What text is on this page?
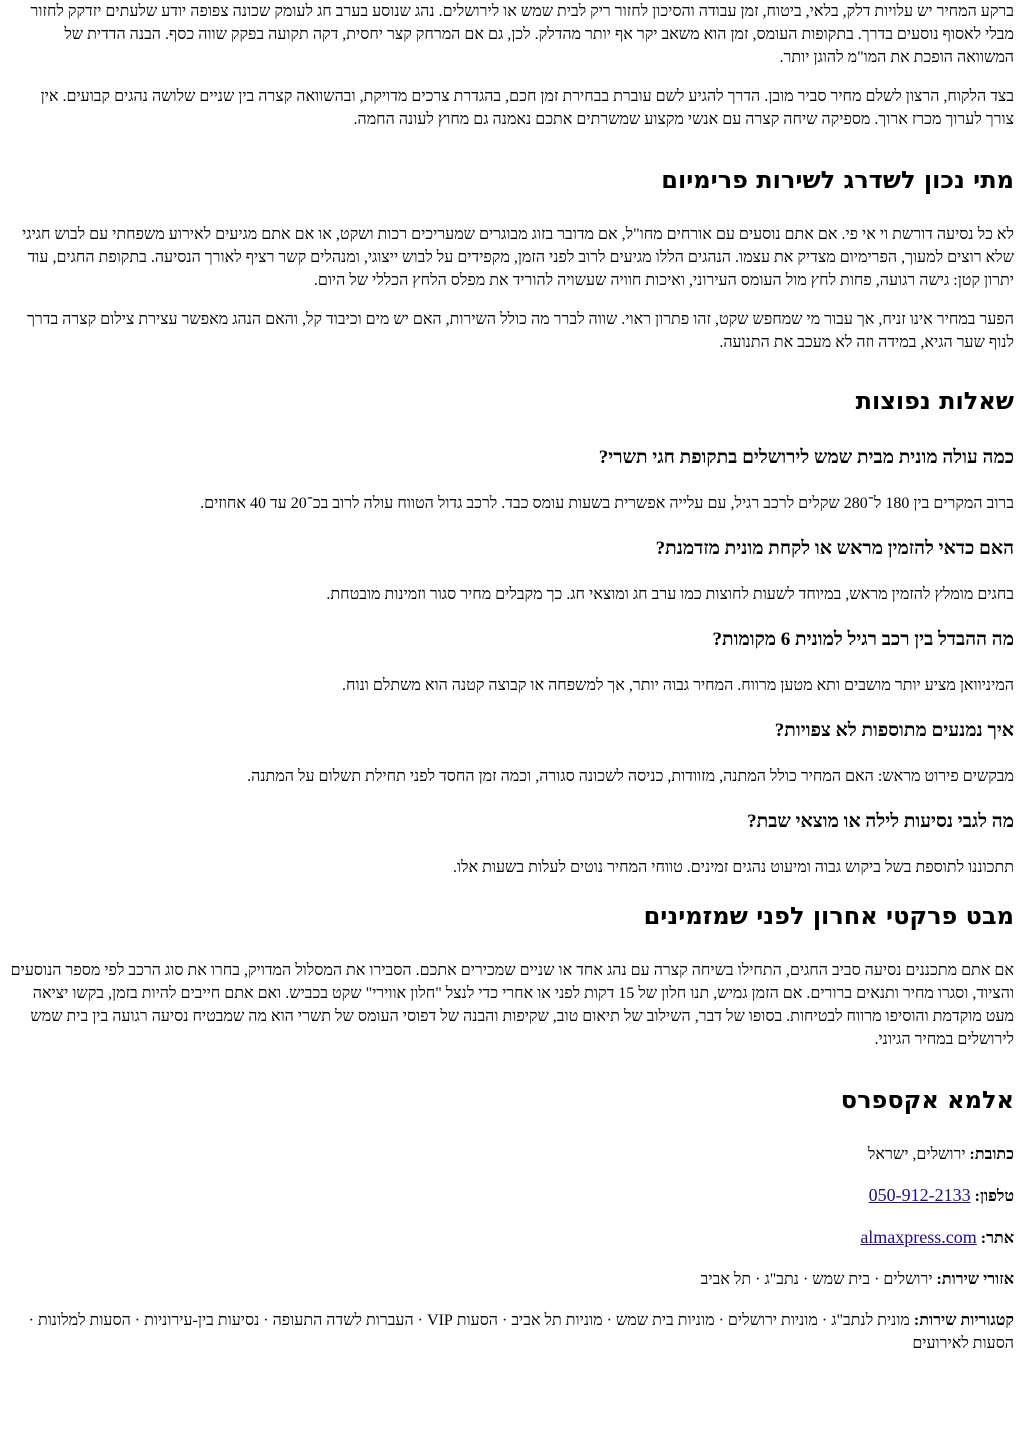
ברקע המחיר יש עלויות דלק, בלאי, ביטוח, זמן עבודה והסיכון לחזור ריק לבית שמש או לירושלים. נהג שנוסע בערב חג לעומק שכונה צפופה יודע שלעתים יזדקק לחזור מבלי לאסוף נוסעים בדרך. בתקופות העומס, זמן הוא משאב יקר אף יותר מהדלק. לכן, גם אם המרחק קצר יחסית, דקה תקועה בפקק שווה כסף. הבנה הדדית של המשוואה הופכת את המו"מ להוגן יותר.

בצד הלקוח, הרצון לשלם מחיר סביר מובן. הדרך להגיע לשם עוברת בבחירת זמן חכם, בהגדרת צרכים מדויקת, ובהשוואה קצרה בין שניים שלושה נהגים קבועים. אין צורך לערוך מכרז ארוך. מספיקה שיחה קצרה עם אנשי מקצוע שמשרתים אתכם נאמנה גם מחוץ לעונה החמה.

מתי נכון לשדרג לשירות פרימיום

לא כל נסיעה דורשת וי אי פי. אם אתם נוסעים עם אורחים מחו"ל, אם מדובר בזוג מבוגרים שמעריכים רכות ושקט, או אם אתם מגיעים לאירוע משפחתי עם לבוש חגיגי שלא רוצים למעוך, הפרימיום מצדיק את עצמו. הנהגים הללו מגיעים לרוב לפני הזמן, מקפידים על לבוש ייצוגי, ומנהלים קשר רציף לאורך הנסיעה. בתקופת החגים, עוד יתרון קטן: גישה רגועה, פחות לחץ מול העומס העירוני, ואיכות חוויה שעשויה להוריד את מפלס הלחץ הכללי של היום.

הפער במחיר אינו זניח, אך עבור מי שמחפש שקט, זהו פתרון ראוי. שווה לברר מה כולל השירות, האם יש מים וכיבוד קל, והאם הנהג מאפשר עצירת צילום קצרה בדרך לנוף שער הגיא, במידה וזה לא מעכב את התנועה.

שאלות נפוצות
כמה עולה מונית מבית שמש לירושלים בתקופת חגי תשרי?

ברוב המקרים בין 180 ל־280 שקלים לרכב רגיל, עם עלייה אפשרית בשעות עומס כבד. לרכב גדול הטווח עולה לרוב בכ־20 עד 40 אחוזים.

האם כדאי להזמין מראש או לקחת מונית מזדמנת?

בחגים מומלץ להזמין מראש, במיוחד לשעות לחוצות כמו ערב חג ומוצאי חג. כך מקבלים מחיר סגור וזמינות מובטחת.

מה ההבדל בין רכב רגיל למונית 6 מקומות?

המיניוואן מציע יותר מושבים ותא מטען מרווח. המחיר גבוה יותר, אך למשפחה או קבוצה קטנה הוא משתלם ונוח.

איך נמנעים מתוספות לא צפויות?

מבקשים פירוט מראש: האם המחיר כולל המתנה, מזוודות, כניסה לשכונה סגורה, וכמה זמן החסד לפני תחילת תשלום על המתנה.

מה לגבי נסיעות לילה או מוצאי שבת?

תתכוננו לתוספת בשל ביקוש גבוה ומיעוט נהגים זמינים. טווחי המחיר נוטים לעלות בשעות אלו.

מבט פרקטי אחרון לפני שמזמינים

אם אתם מתכננים נסיעה סביב החגים, התחילו בשיחה קצרה עם נהג אחד או שניים שמכירים אתכם. הסבירו את המסלול המדויק, בחרו את סוג הרכב לפי מספר הנוסעים והציוד, וסגרו מחיר ותנאים ברורים. אם הזמן גמיש, תנו חלון של 15 דקות לפני או אחרי כדי לנצל "חלון אווירי" שקט בכביש. ואם אתם חייבים להיות בזמן, בקשו יציאה מעט מוקדמת והוסיפו מרווח לבטיחות. בסופו של דבר, השילוב של תיאום טוב, שקיפות והבנה של דפוסי העומס של תשרי הוא מה שמבטיח נסיעה רגועה בין בית שמש לירושלים במחיר הגיוני.

אלמא אקספרס
כתובת: ירושלים, ישראל
טלפון: 050-912-2133
אתר: almaxpress.com
אזורי שירות: ירושלים · בית שמש · נתב"ג · תל אביב
קטגוריות שירות: מונית לנתב"ג · מוניות ירושלים · מוניות בית שמש · מוניות תל אביב · הסעות VIP · העברות לשדה התעופה · נסיעות בין-עירוניות · הסעות למלונות · הסעות לאירועים
